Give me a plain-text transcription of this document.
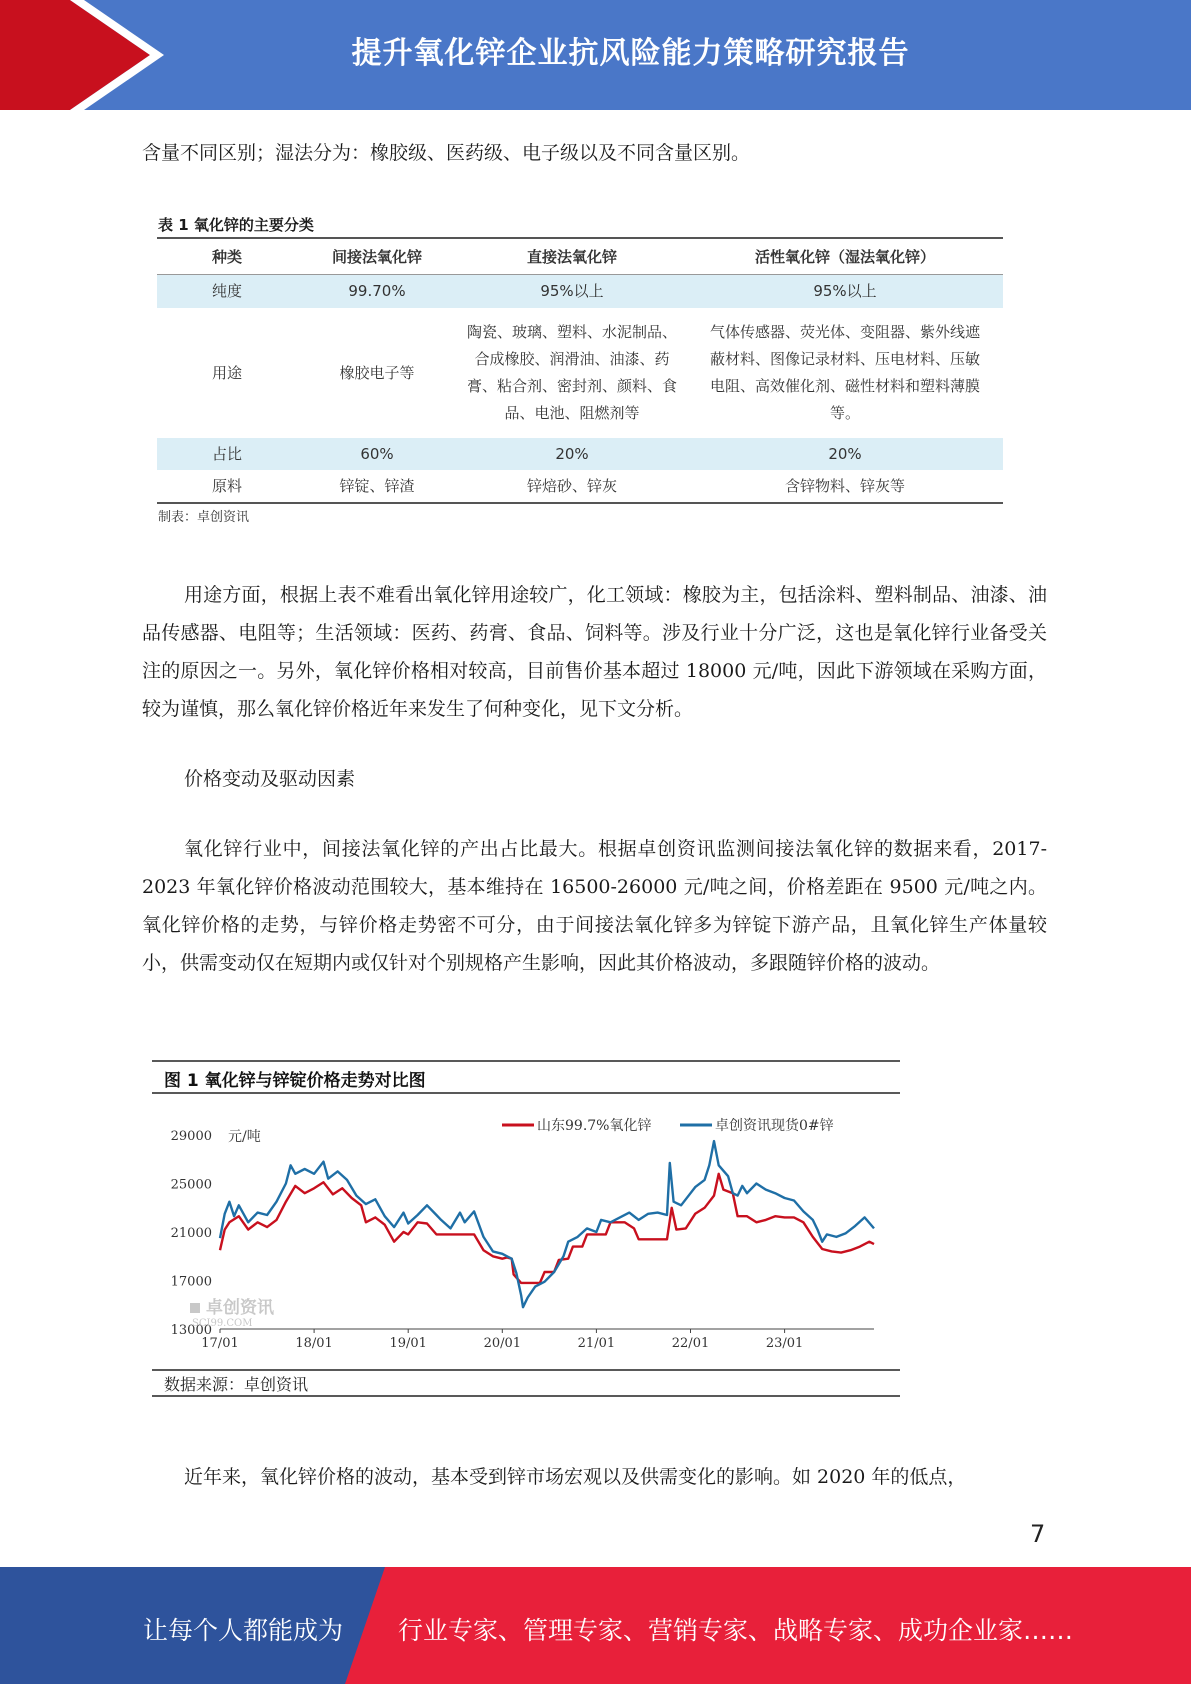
提升氧化锌企业抗风险能力策略研究报告

含量不同区别；湿法分为：橡胶级、医药级、电子级以及不同含量区别。

表 1 氧化锌的主要分类
种类	间接法氧化锌	直接法氧化锌	活性氧化锌（湿法氧化锌）
纯度	99.70%	95%以上	95%以上
用途	橡胶电子等	陶瓷、玻璃、塑料、水泥制品、合成橡胶、润滑油、油漆、药膏、粘合剂、密封剂、颜料、食品、电池、阻燃剂等	气体传感器、荧光体、变阻器、紫外线遮蔽材料、图像记录材料、压电材料、压敏电阻、高效催化剂、磁性材料和塑料薄膜等。
占比	60%	20%	20%
原料	锌锭、锌渣	锌焙砂、锌灰	含锌物料、锌灰等
制表：卓创资讯

用途方面，根据上表不难看出氧化锌用途较广，化工领域：橡胶为主，包括涂料、塑料制品、油漆、油品传感器、电阻等；生活领域：医药、药膏、食品、饲料等。涉及行业十分广泛，这也是氧化锌行业备受关注的原因之一。另外，氧化锌价格相对较高，目前售价基本超过 18000 元/吨，因此下游领域在采购方面，较为谨慎，那么氧化锌价格近年来发生了何种变化，见下文分析。

价格变动及驱动因素

氧化锌行业中，间接法氧化锌的产出占比最大。根据卓创资讯监测间接法氧化锌的数据来看，2017-2023 年氧化锌价格波动范围较大，基本维持在 16500-26000 元/吨之间，价格差距在 9500 元/吨之内。氧化锌价格的走势，与锌价格走势密不可分，由于间接法氧化锌多为锌锭下游产品，且氧化锌生产体量较小，供需变动仅在短期内或仅针对个别规格产生影响，因此其价格波动，多跟随锌价格的波动。

29000
25000
21000
17000
13000
元/吨
17/01	18/01	19/01	20/01	21/01	22/01	23/01
卓创资讯
SCI99.COM
山东99.7%氧化锌	卓创资讯现货0#锌
图 1 氧化锌与锌锭价格走势对比图
数据来源：卓创资讯

近年来，氧化锌价格的波动，基本受到锌市场宏观以及供需变化的影响。如 2020 年的低点，

7
让每个人都能成为 行业专家、管理专家、营销专家、战略专家、成功企业家……
